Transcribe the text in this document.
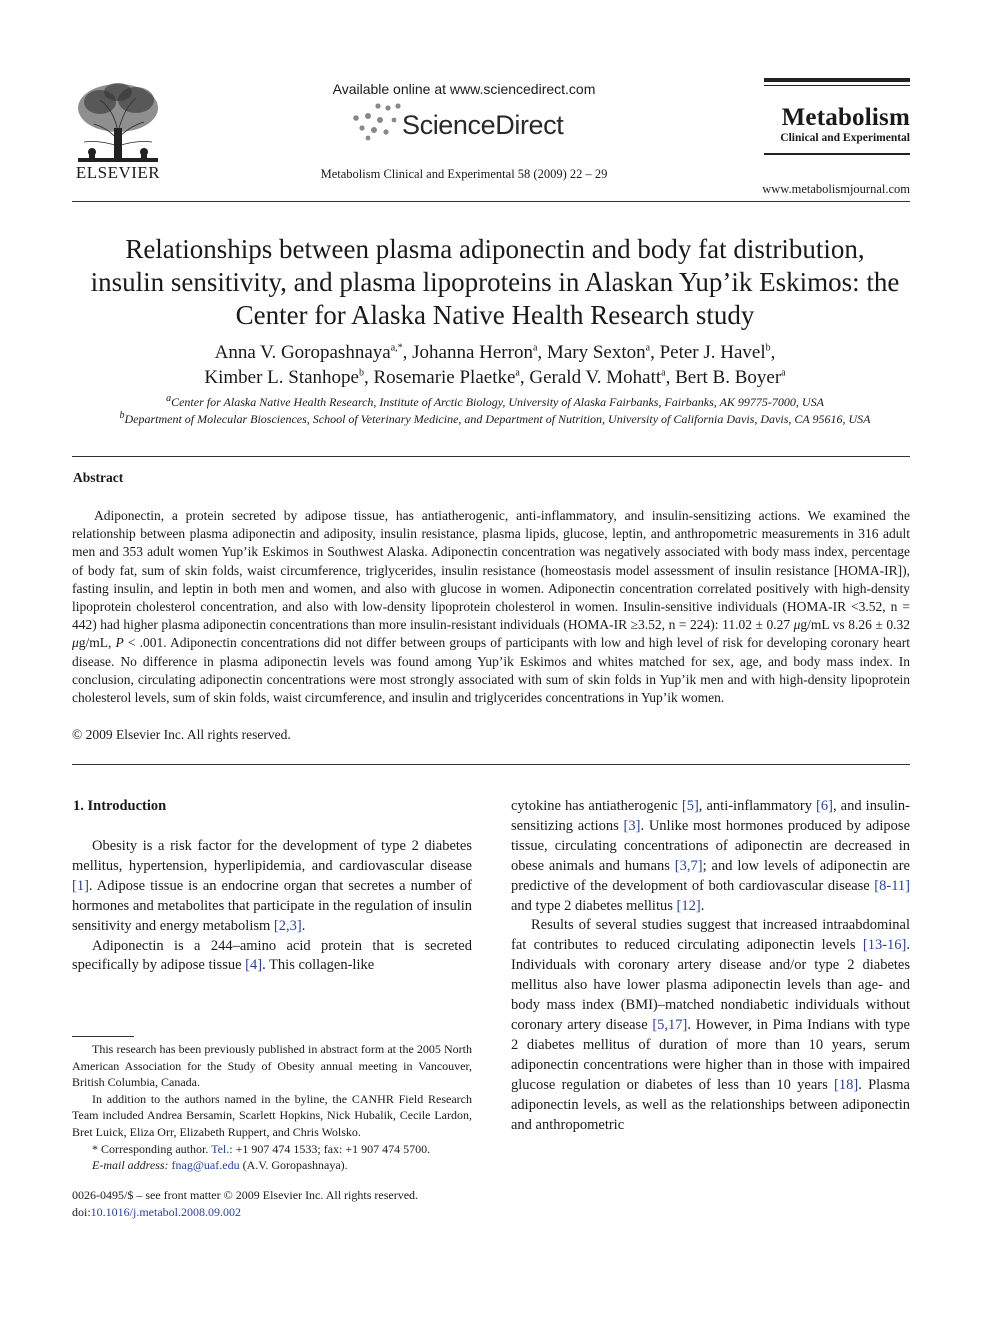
ELSEVIER
Available online at www.sciencedirect.com
ScienceDirect
Metabolism Clinical and Experimental 58 (2009) 22 – 29
Metabolism
Clinical and Experimental
www.metabolismjournal.com
Relationships between plasma adiponectin and body fat distribution,
insulin sensitivity, and plasma lipoproteins in Alaskan Yup’ik Eskimos: the
Center for Alaska Native Health Research study
Anna V. Goropashnaya$^{a,*}$, Johanna Herron$^a$, Mary Sexton$^a$, Peter J. Havel$^b$,
Kimber L. Stanhope$^b$, Rosemarie Plaetke$^a$, Gerald V. Mohatt$^a$, Bert B. Boyer$^a$
$^a$Center for Alaska Native Health Research, Institute of Arctic Biology, University of Alaska Fairbanks, Fairbanks, AK 99775-7000, USA
$^b$Department of Molecular Biosciences, School of Veterinary Medicine, and Department of Nutrition, University of California Davis, Davis, CA 95616, USA
Abstract

Adiponectin, a protein secreted by adipose tissue, has antiatherogenic, anti-inflammatory, and insulin-sensitizing actions. We examined the relationship between plasma adiponectin and adiposity, insulin resistance, plasma lipids, glucose, leptin, and anthropometric measurements in 316 adult men and 353 adult women Yup’ik Eskimos in Southwest Alaska. Adiponectin concentration was negatively associated with body mass index, percentage of body fat, sum of skin folds, waist circumference, triglycerides, insulin resistance (homeostasis model assessment of insulin resistance [HOMA-IR]), fasting insulin, and leptin in both men and women, and also with glucose in women. Adiponectin concentration correlated positively with high-density lipoprotein cholesterol concentration, and also with low-density lipoprotein cholesterol in women. Insulin-sensitive individuals (HOMA-IR <3.52, n = 442) had higher plasma adiponectin concentrations than more insulin-resistant individuals (HOMA-IR ≥3.52, n = 224): 11.02 ± 0.27 μg/mL vs 8.26 ± 0.32 μg/mL, P < .001. Adiponectin concentrations did not differ between groups of participants with low and high level of risk for developing coronary heart disease. No difference in plasma adiponectin levels was found among Yup’ik Eskimos and whites matched for sex, age, and body mass index. In conclusion, circulating adiponectin concentrations were most strongly associated with sum of skin folds in Yup’ik men and with high-density lipoprotein cholesterol levels, sum of skin folds, waist circumference, and insulin and triglycerides concentrations in Yup’ik women.

© 2009 Elsevier Inc. All rights reserved.
1. Introduction

Obesity is a risk factor for the development of type 2 diabetes mellitus, hypertension, hyperlipidemia, and cardiovascular disease [1]. Adipose tissue is an endocrine organ that secretes a number of hormones and metabolites that participate in the regulation of insulin sensitivity and energy metabolism [2,3].

Adiponectin is a 244–amino acid protein that is secreted specifically by adipose tissue [4]. This collagen-like

cytokine has antiatherogenic [5], anti-inflammatory [6], and insulin-sensitizing actions [3]. Unlike most hormones produced by adipose tissue, circulating concentrations of adiponectin are decreased in obese animals and humans [3,7]; and low levels of adiponectin are predictive of the development of both cardiovascular disease [8-11] and type 2 diabetes mellitus [12].

Results of several studies suggest that increased intraabdominal fat contributes to reduced circulating adiponectin levels [13-16]. Individuals with coronary artery disease and/or type 2 diabetes mellitus also have lower plasma adiponectin levels than age- and body mass index (BMI)–matched nondiabetic individuals without coronary artery disease [5,17]. However, in Pima Indians with type 2 diabetes mellitus of duration of more than 10 years, serum adiponectin concentrations were higher than in those with impaired glucose regulation or diabetes of less than 10 years [18]. Plasma adiponectin levels, as well as the relationships between adiponectin and anthropometric

This research has been previously published in abstract form at the 2005 North American Association for the Study of Obesity annual meeting in Vancouver, British Columbia, Canada.

In addition to the authors named in the byline, the CANHR Field Research Team included Andrea Bersamin, Scarlett Hopkins, Nick Hubalik, Cecile Lardon, Bret Luick, Eliza Orr, Elizabeth Ruppert, and Chris Wolsko.

* Corresponding author. Tel.: +1 907 474 1533; fax: +1 907 474 5700.

E-mail address: fnag@uaf.edu (A.V. Goropashnaya).

0026-0495/$ – see front matter © 2009 Elsevier Inc. All rights reserved.
doi:10.1016/j.metabol.2008.09.002
